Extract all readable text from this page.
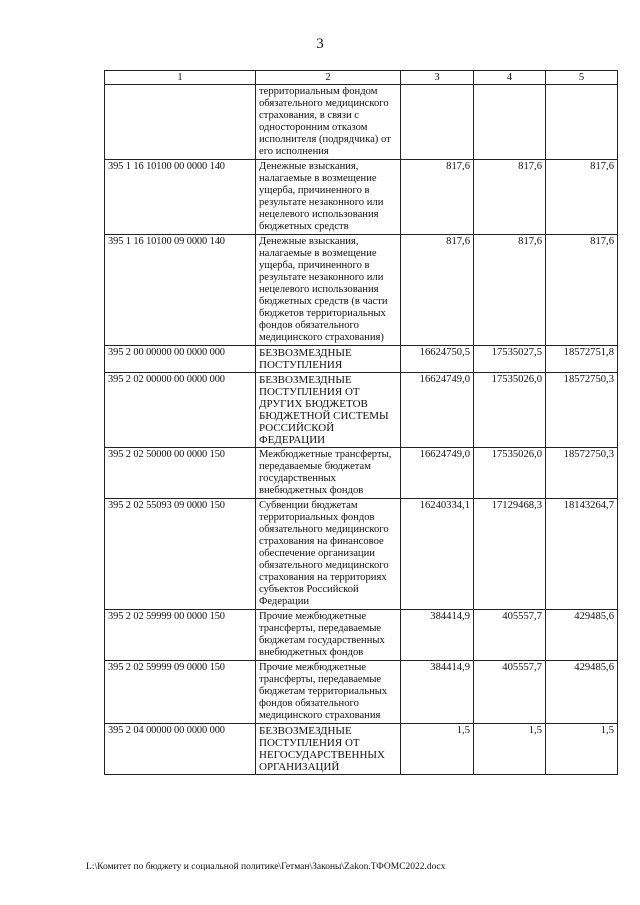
3
1	2	3	4	5
	территориальным фондом обязательного медицинского страхования, в связи с односторонним отказом исполнителя (подрядчика) от его исполнения			
395 1 16 10100 00 0000 140	Денежные взыскания, налагаемые в возмещение ущерба, причиненного в результате незаконного или нецелевого использования бюджетных средств	817,6	817,6	817,6
395 1 16 10100 09 0000 140	Денежные взыскания, налагаемые в возмещение ущерба, причиненного в результате незаконного или нецелевого использования бюджетных средств (в части бюджетов территориальных фондов обязательного медицинского страхования)	817,6	817,6	817,6
395 2 00 00000 00 0000 000	БЕЗВОЗМЕЗДНЫЕ ПОСТУПЛЕНИЯ	16624750,5	17535027,5	18572751,8
395 2 02 00000 00 0000 000	БЕЗВОЗМЕЗДНЫЕ ПОСТУПЛЕНИЯ ОТ ДРУГИХ БЮДЖЕТОВ БЮДЖЕТНОЙ СИСТЕМЫ РОССИЙСКОЙ ФЕДЕРАЦИИ	16624749,0	17535026,0	18572750,3
395 2 02 50000 00 0000 150	Межбюджетные трансферты, передаваемые бюджетам государственных внебюджетных фондов	16624749,0	17535026,0	18572750,3
395 2 02 55093 09 0000 150	Субвенции бюджетам территориальных фондов обязательного медицинского страхования на финансовое обеспечение организации обязательного медицинского страхования на территориях субъектов Российской Федерации	16240334,1	17129468,3	18143264,7
395 2 02 59999 00 0000 150	Прочие межбюджетные трансферты, передаваемые бюджетам государственных внебюджетных фондов	384414,9	405557,7	429485,6
395 2 02 59999 09 0000 150	Прочие межбюджетные трансферты, передаваемые бюджетам территориальных фондов обязательного медицинского страхования	384414,9	405557,7	429485,6
395 2 04 00000 00 0000 000	БЕЗВОЗМЕЗДНЫЕ ПОСТУПЛЕНИЯ ОТ НЕГОСУДАРСТВЕННЫХ ОРГАНИЗАЦИЙ	1,5	1,5	1,5
L:\Комитет по бюджету и социальной политике\Гетман\Законы\Zakon.ТФОМС2022.docx
